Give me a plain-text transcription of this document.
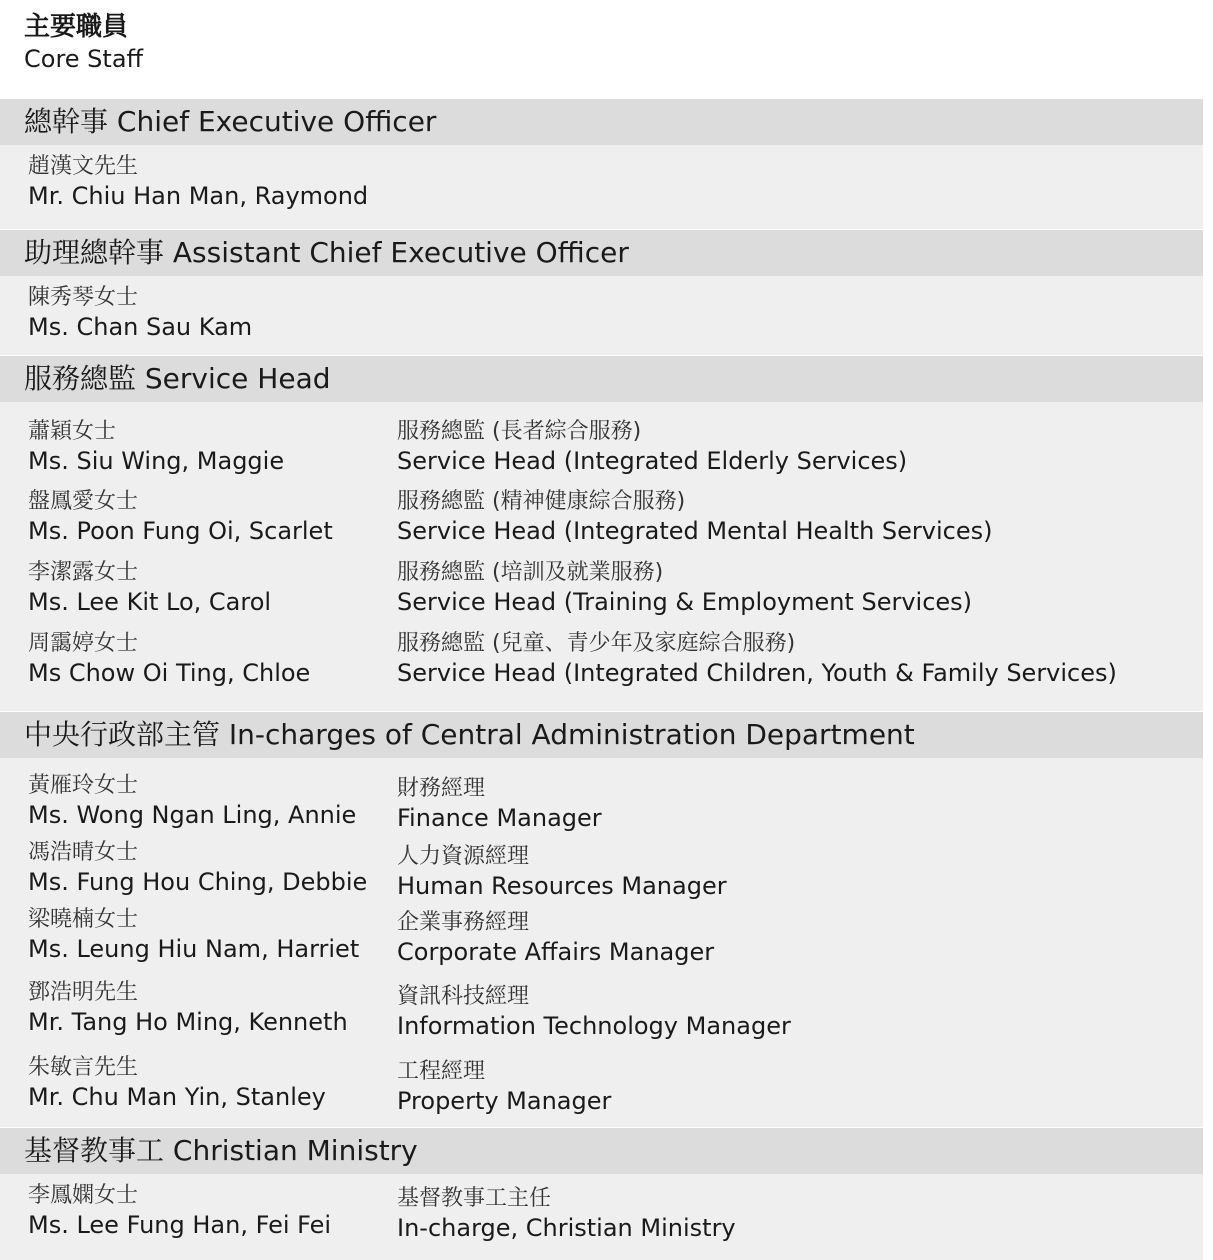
主要職員
Core Staff
總幹事 Chief Executive Officer
趙漢文先生
Mr. Chiu Han Man, Raymond
助理總幹事 Assistant Chief Executive Officer
陳秀琴女士
Ms. Chan Sau Kam
服務總監 Service Head
蕭穎女士
Ms. Siu Wing, Maggie
服務總監 (長者綜合服務)
Service Head (Integrated Elderly Services)
盤鳳愛女士
Ms. Poon Fung Oi, Scarlet
服務總監 (精神健康綜合服務)
Service Head (Integrated Mental Health Services)
李潔露女士
Ms. Lee Kit Lo, Carol
服務總監 (培訓及就業服務)
Service Head (Training & Employment Services)
周靄婷女士
Ms Chow Oi Ting, Chloe
服務總監 (兒童、青少年及家庭綜合服務)
Service Head (Integrated Children, Youth & Family Services)
中央行政部主管 In-charges of Central Administration Department
黃雁玲女士
Ms. Wong Ngan Ling, Annie
財務經理
Finance Manager
馮浩晴女士
Ms. Fung Hou Ching, Debbie
人力資源經理
Human Resources Manager
梁曉楠女士
Ms. Leung Hiu Nam, Harriet
企業事務經理
Corporate Affairs Manager
鄧浩明先生
Mr. Tang Ho Ming, Kenneth
資訊科技經理
Information Technology Manager
朱敏言先生
Mr. Chu Man Yin, Stanley
工程經理
Property Manager
基督教事工 Christian Ministry
李鳳嫻女士
Ms. Lee Fung Han, Fei Fei
基督教事工主任
In-charge, Christian Ministry
